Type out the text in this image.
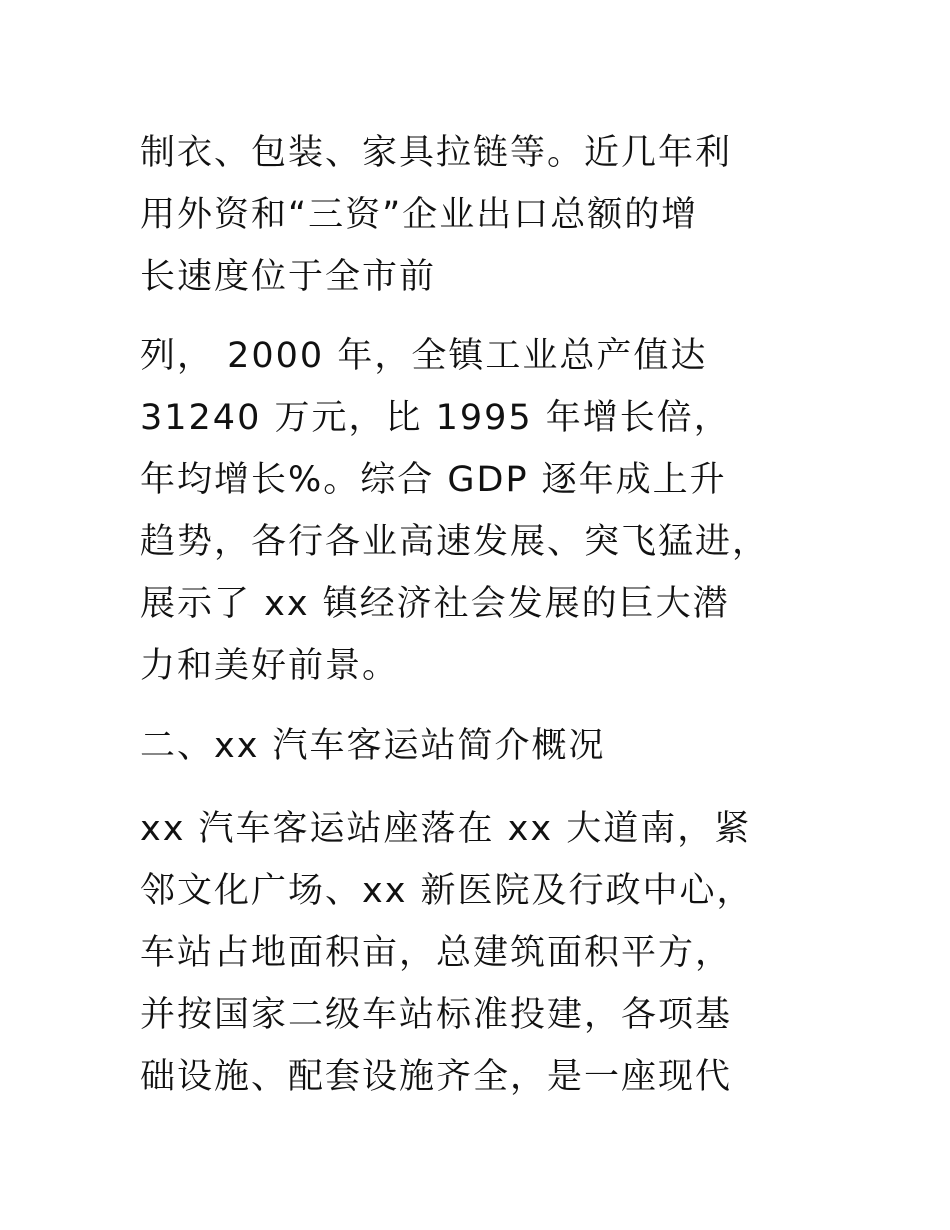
制衣、包装、家具拉链等。近几年利
用外资和“三资”企业出口总额的增
长速度位于全市前
列， 2000 年，全镇工业总产值达
31240 万元，比 1995 年增长倍，
年均增长%。综合 GDP 逐年成上升
趋势，各行各业高速发展、突飞猛进，
展示了 xx 镇经济社会发展的巨大潜
力和美好前景。
二、xx 汽车客运站简介概况
xx 汽车客运站座落在 xx 大道南，紧
邻文化广场、xx 新医院及行政中心，
车站占地面积亩，总建筑面积平方，
并按国家二级车站标准投建，各项基
础设施、配套设施齐全，是一座现代
